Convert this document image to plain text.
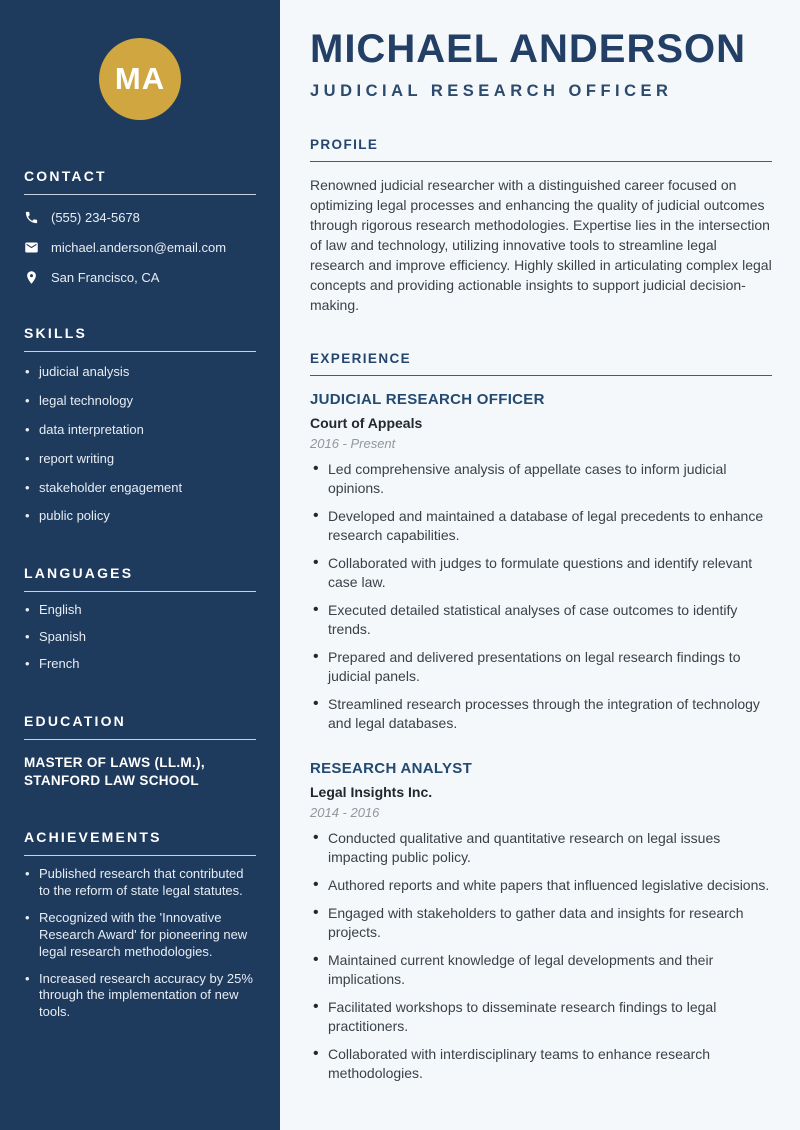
MA
CONTACT
(555) 234-5678
michael.anderson@email.com
San Francisco, CA
SKILLS
• judicial analysis
• legal technology
• data interpretation
• report writing
• stakeholder engagement
• public policy
LANGUAGES
• English
• Spanish
• French
EDUCATION
MASTER OF LAWS (LL.M.), STANFORD LAW SCHOOL
ACHIEVEMENTS
• Published research that contributed to the reform of state legal statutes.
• Recognized with the 'Innovative Research Award' for pioneering new legal research methodologies.
• Increased research accuracy by 25% through the implementation of new tools.
MICHAEL ANDERSON
JUDICIAL RESEARCH OFFICER
PROFILE

Renowned judicial researcher with a distinguished career focused on optimizing legal processes and enhancing the quality of judicial outcomes through rigorous research methodologies. Expertise lies in the intersection of law and technology, utilizing innovative tools to streamline legal research and improve efficiency. Highly skilled in articulating complex legal concepts and providing actionable insights to support judicial decision-making.

EXPERIENCE
JUDICIAL RESEARCH OFFICER
Court of Appeals
2016 - Present
• Led comprehensive analysis of appellate cases to inform judicial opinions.
• Developed and maintained a database of legal precedents to enhance research capabilities.
• Collaborated with judges to formulate questions and identify relevant case law.
• Executed detailed statistical analyses of case outcomes to identify trends.
• Prepared and delivered presentations on legal research findings to judicial panels.
• Streamlined research processes through the integration of technology and legal databases.
RESEARCH ANALYST
Legal Insights Inc.
2014 - 2016
• Conducted qualitative and quantitative research on legal issues impacting public policy.
• Authored reports and white papers that influenced legislative decisions.
• Engaged with stakeholders to gather data and insights for research projects.
• Maintained current knowledge of legal developments and their implications.
• Facilitated workshops to disseminate research findings to legal practitioners.
• Collaborated with interdisciplinary teams to enhance research methodologies.
